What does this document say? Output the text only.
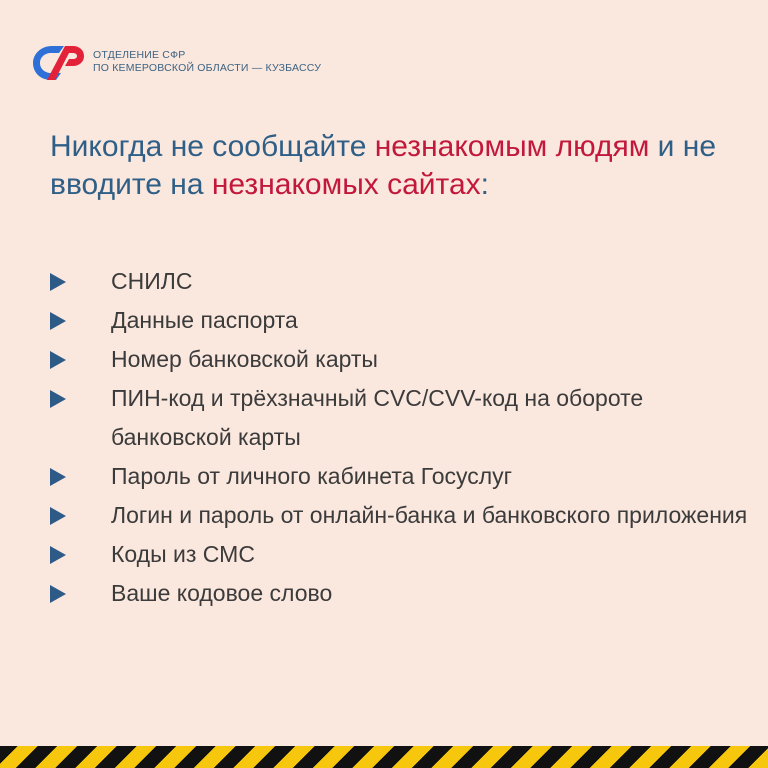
ОТДЕЛЕНИЕ СФР
ПО КЕМЕРОВСКОЙ ОБЛАСТИ — КУЗБАССУ
Никогда не сообщайте незнакомым людям и не вводите на незнакомых сайтах:
СНИЛС
Данные паспорта
Номер банковской карты
ПИН-код и трёхзначный CVC/CVV-код на обороте банковской карты
Пароль от личного кабинета Госуслуг
Логин и пароль от онлайн-банка и банковского приложения
Коды из СМС
Ваше кодовое слово
